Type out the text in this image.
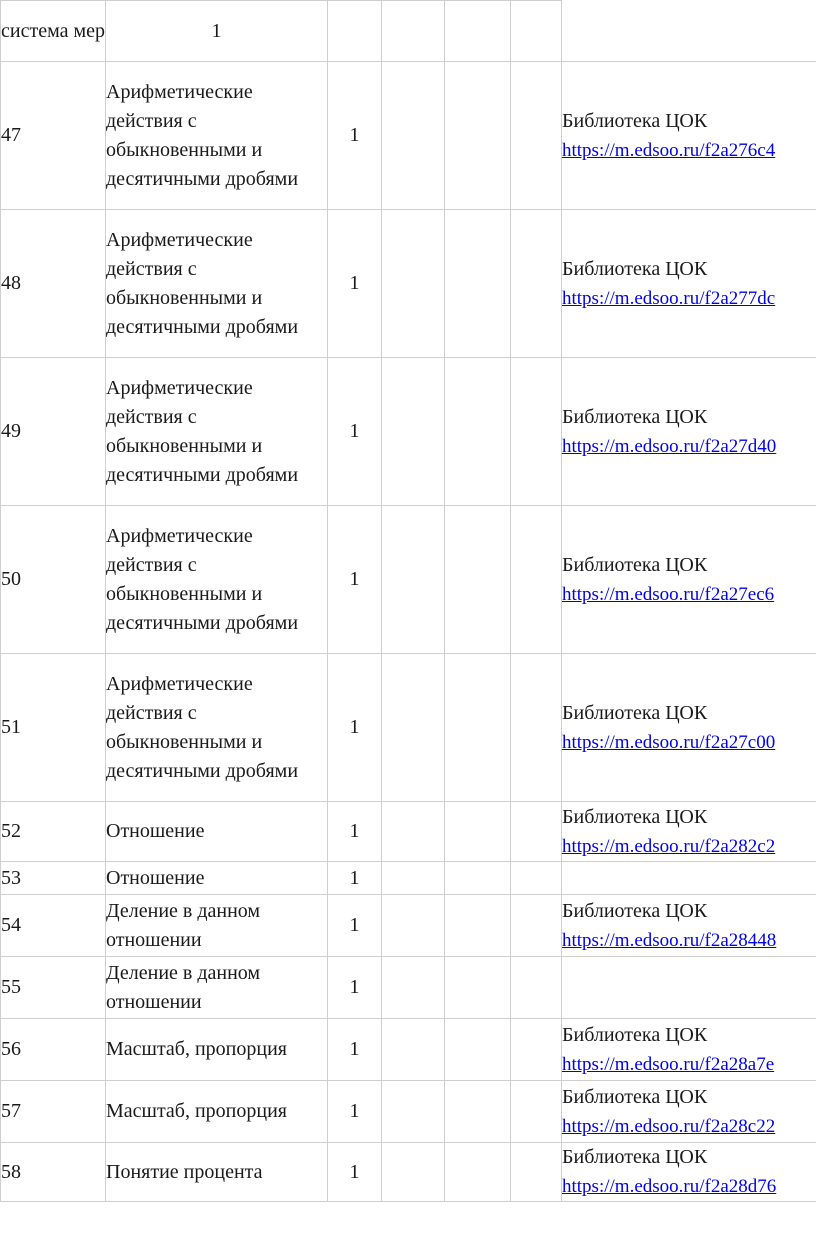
система мер	1					
47	Арифметические действия с обыкновенными и десятичными дробями	1				Библиотека ЦОК
https://m.edsoo.ru/f2a276c4

48	Арифметические действия с обыкновенными и десятичными дробями	1				Библиотека ЦОК
https://m.edsoo.ru/f2a277dc

49	Арифметические действия с обыкновенными и десятичными дробями	1				Библиотека ЦОК
https://m.edsoo.ru/f2a27d40

50	Арифметические действия с обыкновенными и десятичными дробями	1				Библиотека ЦОК
https://m.edsoo.ru/f2a27ec6

51	Арифметические действия с обыкновенными и десятичными дробями	1				Библиотека ЦОК
https://m.edsoo.ru/f2a27c00

52	Отношение	1				Библиотека ЦОК
https://m.edsoo.ru/f2a282c2

53	Отношение	1				
54	Деление в данном отношении	1				Библиотека ЦОК
https://m.edsoo.ru/f2a28448

55	Деление в данном отношении	1				
56	Масштаб, пропорция	1				Библиотека ЦОК
https://m.edsoo.ru/f2a28a7e

57	Масштаб, пропорция	1				Библиотека ЦОК
https://m.edsoo.ru/f2a28c22

58	Понятие процента	1				Библиотека ЦОК
https://m.edsoo.ru/f2a28d76
